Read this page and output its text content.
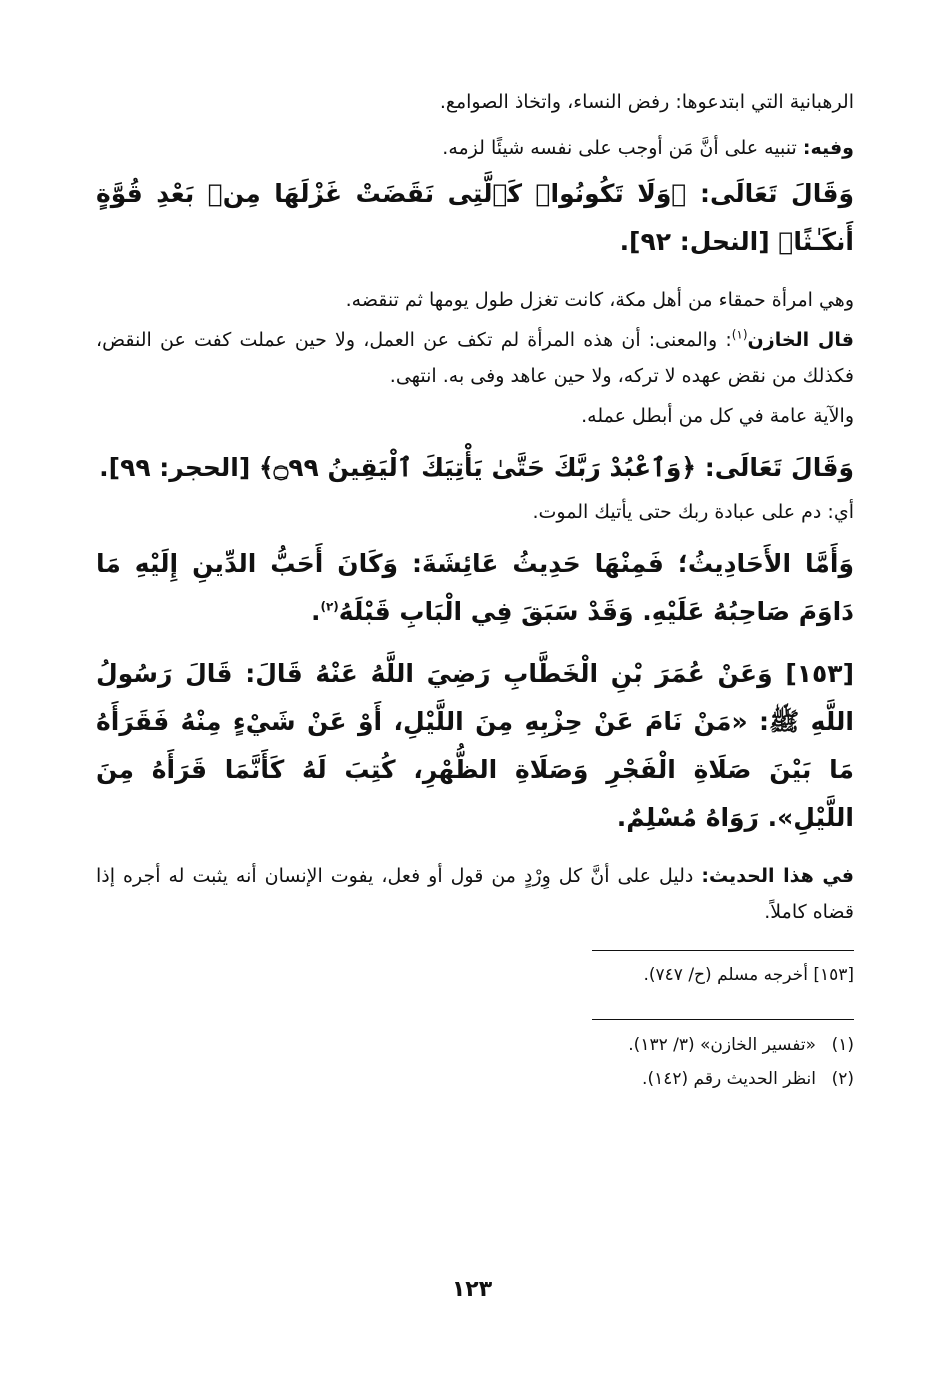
الرهبانية التي ابتدعوها: رفض النساء، واتخاذ الصوامع.

وفيه: تنبيه على أنَّ مَن أوجب على نفسه شيئًا لزمه.

وَقَالَ تَعَالَى: ﴿وَلَا تَكُونُوا۟ كَٱلَّتِى نَقَضَتْ غَزْلَهَا مِنۢ بَعْدِ قُوَّةٍ أَنكَـٰثًا﴾ [النحل: ٩٢].

وهي امرأة حمقاء من أهل مكة، كانت تغزل طول يومها ثم تنقضه.

قال الخازن$^{(١)}$: والمعنى: أن هذه المرأة لم تكف عن العمل، ولا حين عملت كفت عن النقض، فكذلك من نقض عهده لا تركه، ولا حين عاهد وفى به. انتهى.

والآية عامة في كل من أبطل عمله.

وَقَالَ تَعَالَى: ﴿وَٱعْبُدْ رَبَّكَ حَتَّىٰ يَأْتِيَكَ ٱلْيَقِينُ ۝٩٩﴾ [الحجر: ٩٩].

أي: دم على عبادة ربك حتى يأتيك الموت.

وَأَمَّا الأَحَادِيثُ؛ فَمِنْهَا حَدِيثُ عَائِشَةَ: وَكَانَ أَحَبُّ الدِّينِ إِلَيْهِ مَا دَاوَمَ صَاحِبُهُ عَلَيْهِ. وَقَدْ سَبَقَ فِي الْبَابِ قَبْلَهُ$^{(٢)}$.

[١٥٣] وَعَنْ عُمَرَ بْنِ الْخَطَّابِ رَضِيَ اللَّهُ عَنْهُ قَالَ: قَالَ رَسُولُ اللَّهِ ﷺ: «مَنْ نَامَ عَنْ حِزْبِهِ مِنَ اللَّيْلِ، أَوْ عَنْ شَيْءٍ مِنْهُ فَقَرَأَهُ مَا بَيْنَ صَلَاةِ الْفَجْرِ وَصَلَاةِ الظُّهْرِ، كُتِبَ لَهُ كَأَنَّمَا قَرَأَهُ مِنَ اللَّيْلِ». رَوَاهُ مُسْلِمٌ.

في هذا الحديث: دليل على أنَّ كل وِرْدٍ من قول أو فعل، يفوت الإنسان أنه يثبت له أجره إذا قضاه كاملاً.

[١٥٣] أخرجه مسلم (ح/ ٧٤٧).

(١)«تفسير الخازن» (٣/ ١٣٢).

(٢)انظر الحديث رقم (١٤٢).

١٢٣
